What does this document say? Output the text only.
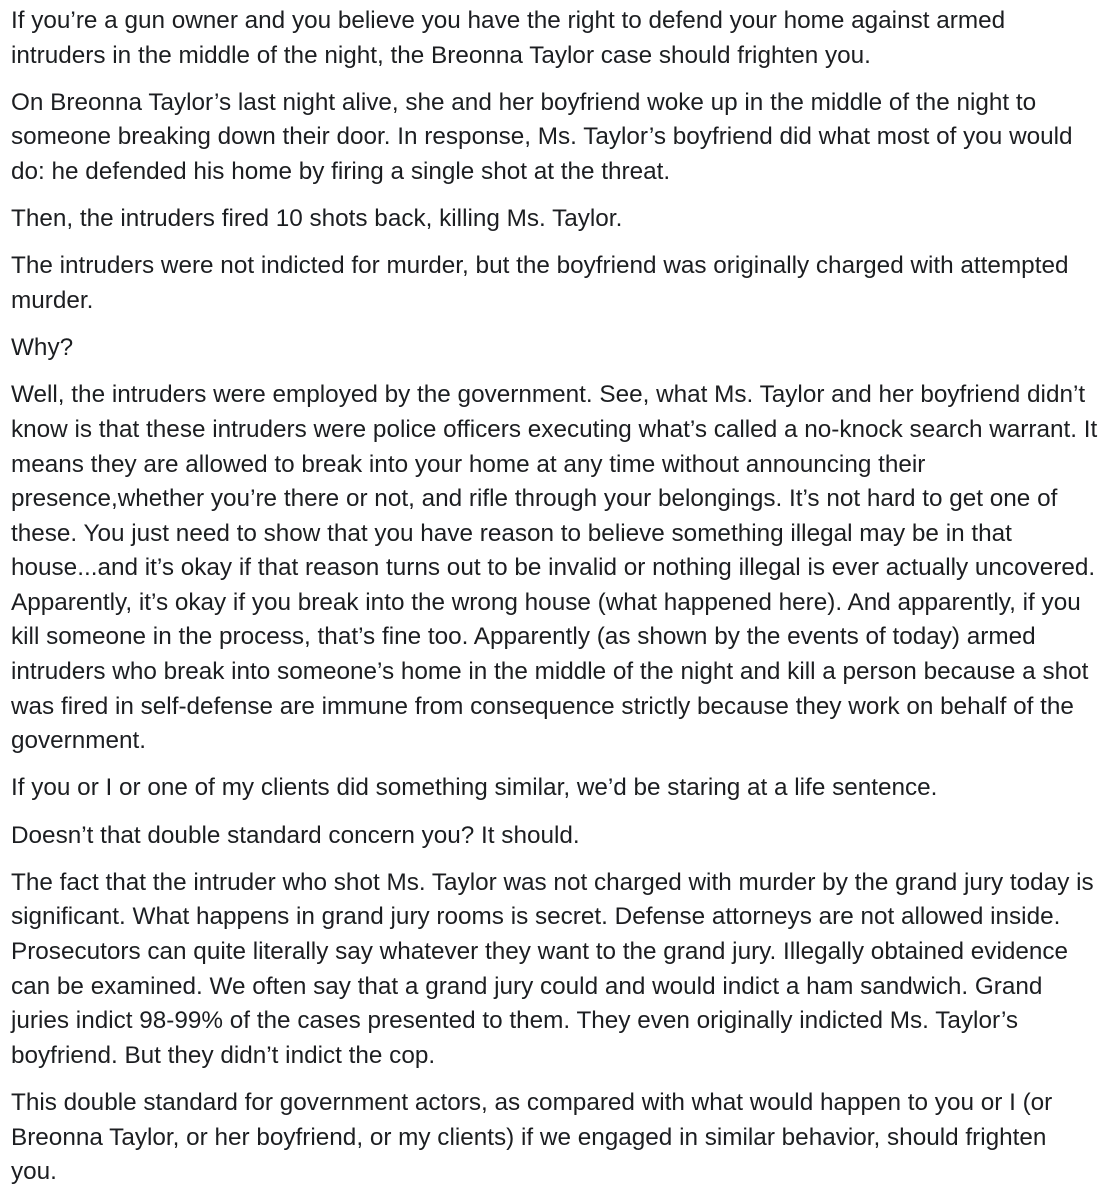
If you’re a gun owner and you believe you have the right to defend your home against armed intruders in the middle of the night, the Breonna Taylor case should frighten you.

On Breonna Taylor’s last night alive, she and her boyfriend woke up in the middle of the night to someone breaking down their door. In response, Ms. Taylor’s boyfriend did what most of you would do: he defended his home by firing a single shot at the threat.

Then, the intruders fired 10 shots back, killing Ms. Taylor.

The intruders were not indicted for murder, but the boyfriend was originally charged with attempted murder.

Why?

Well, the intruders were employed by the government. See, what Ms. Taylor and her boyfriend didn’t know is that these intruders were police officers executing what’s called a no-knock search warrant. It means they are allowed to break into your home at any time without announcing their presence,whether you’re there or not, and rifle through your belongings. It’s not hard to get one of these. You just need to show that you have reason to believe something illegal may be in that house...and it’s okay if that reason turns out to be invalid or nothing illegal is ever actually uncovered. Apparently, it’s okay if you break into the wrong house (what happened here). And apparently, if you kill someone in the process, that’s fine too. Apparently (as shown by the events of today) armed intruders who break into someone’s home in the middle of the night and kill a person because a shot was fired in self-defense are immune from consequence strictly because they work on behalf of the government.

If you or I or one of my clients did something similar, we’d be staring at a life sentence.

Doesn’t that double standard concern you? It should.

The fact that the intruder who shot Ms. Taylor was not charged with murder by the grand jury today is significant. What happens in grand jury rooms is secret. Defense attorneys are not allowed inside. Prosecutors can quite literally say whatever they want to the grand jury. Illegally obtained evidence can be examined. We often say that a grand jury could and would indict a ham sandwich. Grand juries indict 98-99% of the cases presented to them. They even originally indicted Ms. Taylor’s boyfriend. But they didn’t indict the cop.

This double standard for government actors, as compared with what would happen to you or I (or Breonna Taylor, or her boyfriend, or my clients) if we engaged in similar behavior, should frighten you.
